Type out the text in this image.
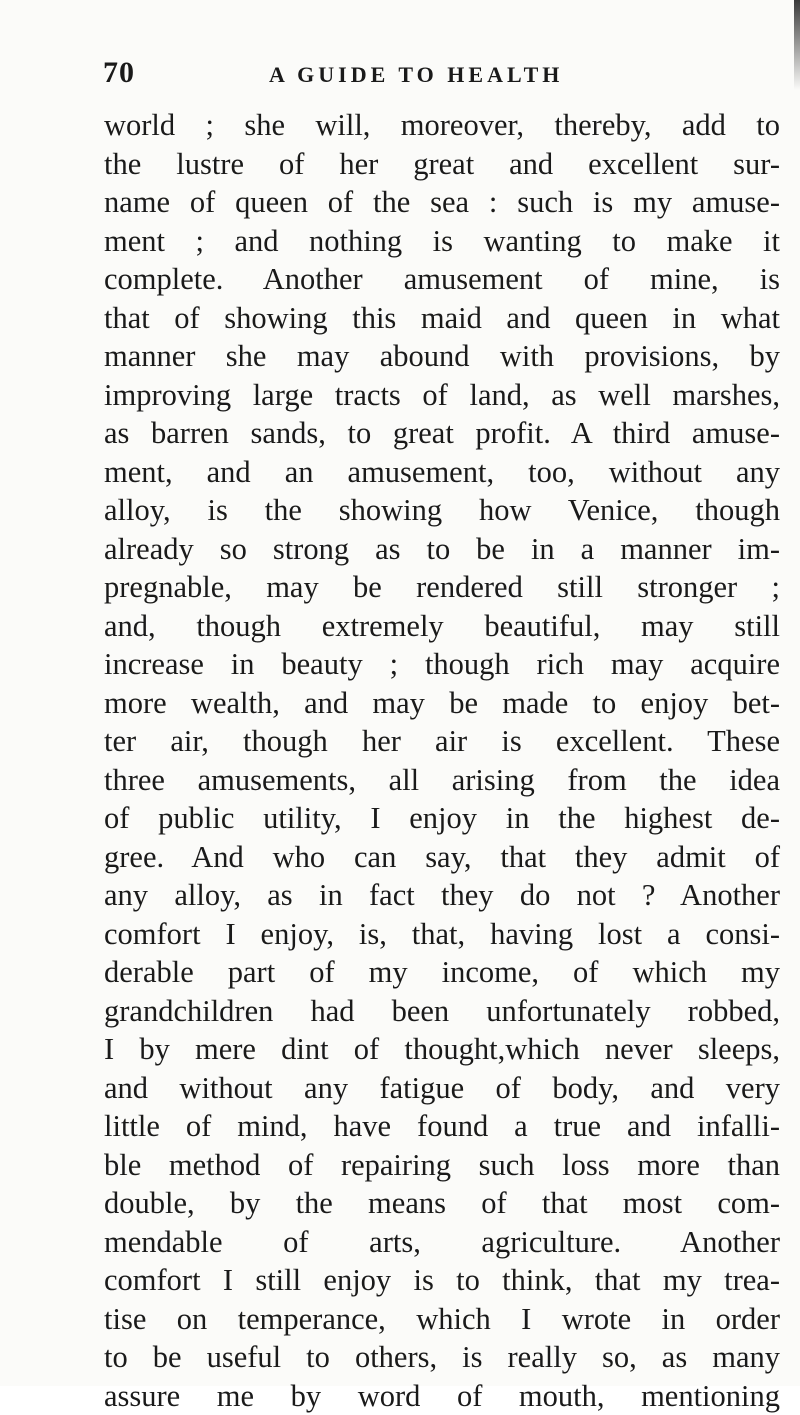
70	A GUIDE TO HEALTH
world ; she will, moreover, thereby, add to
the lustre of her great and excellent sur-
name of queen of the sea : such is my amuse-
ment ; and nothing is wanting to make it
complete. Another amusement of mine, is
that of showing this maid and queen in what
manner she may abound with provisions, by
improving large tracts of land, as well marshes,
as barren sands, to great profit. A third amuse-
ment, and an amusement, too, without any
alloy, is the showing how Venice, though
already so strong as to be in a manner im-
pregnable, may be rendered still stronger ;
and, though extremely beautiful, may still
increase in beauty ; though rich may acquire
more wealth, and may be made to enjoy bet-
ter air, though her air is excellent. These
three amusements, all arising from the idea
of public utility, I enjoy in the highest de-
gree. And who can say, that they admit of
any alloy, as in fact they do not ? Another
comfort I enjoy, is, that, having lost a consi-
derable part of my income, of which my
grandchildren had been unfortunately robbed,
I by mere dint of thought,which never sleeps,
and without any fatigue of body, and very
little of mind, have found a true and infalli-
ble method of repairing such loss more than
double, by the means of that most com-
mendable of arts, agriculture. Another
comfort I still enjoy is to think, that my trea-
tise on temperance, which I wrote in order
to be useful to others, is really so, as many
assure me by word of mouth, mentioning
